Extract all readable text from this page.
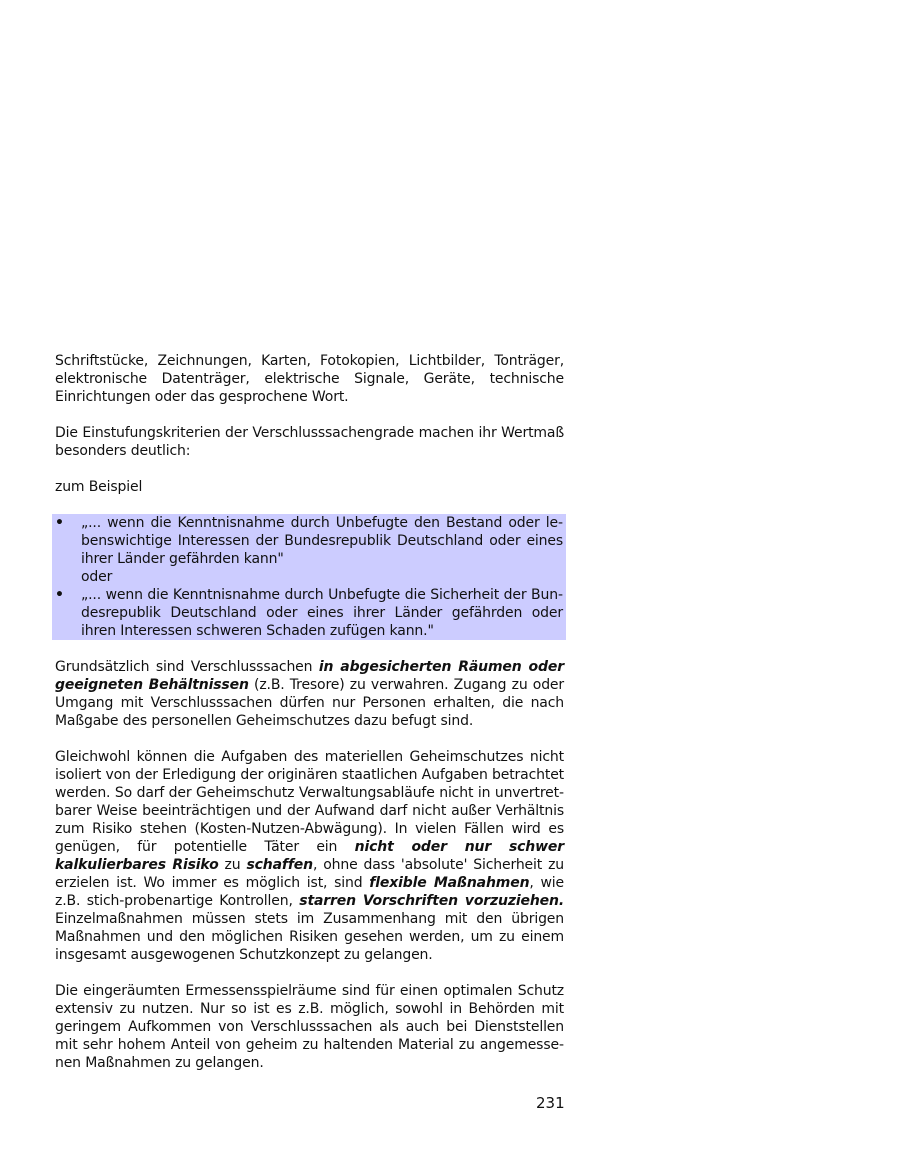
Schriftstücke, Zeichnungen, Karten, Fotokopien, Lichtbilder, Tonträger, elektronische Datenträger, elektrische Signale, Geräte, technische Einrichtungen oder das gesprochene Wort.

Die Einstufungskriterien der Verschlusssachengrade machen ihr Wertmaß besonders deutlich:

zum Beispiel

•	„... wenn die Kenntnisnahme durch Unbefugte den Bestand oder lebenswichtige Interessen der Bundesrepublik Deutschland oder eines ihrer Länder gefährden kann"
oder
•	„... wenn die Kenntnisnahme durch Unbefugte die Sicherheit der Bundesrepublik Deutschland oder eines ihrer Länder gefährden oder ihren Interessen schweren Schaden zufügen kann."

Grundsätzlich sind Verschlusssachen in abgesicherten Räumen oder geeigneten Behältnissen (z.B. Tresore) zu verwahren. Zugang zu oder Umgang mit Verschlusssachen dürfen nur Personen erhalten, die nach Maßgabe des personellen Geheimschutzes dazu befugt sind.

Gleichwohl können die Aufgaben des materiellen Geheimschutzes nicht isoliert von der Erledigung der originären staatlichen Aufgaben betrachtet werden. So darf der Geheimschutz Verwaltungsabläufe nicht in unvertretbarer Weise beeinträchtigen und der Aufwand darf nicht außer Verhältnis zum Risiko stehen (Kosten-Nutzen-Abwägung). In vielen Fällen wird es genügen, für potentielle Täter ein nicht oder nur schwer kalkulierbares Risiko zu schaffen, ohne dass 'absolute' Sicherheit zu erzielen ist. Wo immer es möglich ist, sind flexible Maßnahmen, wie z.B. stich-probenartige Kontrollen, starren Vorschriften vorzuziehen. Einzelmaßnahmen müssen stets im Zusammenhang mit den übrigen Maßnahmen und den möglichen Risiken gesehen werden, um zu einem insgesamt ausgewogenen Schutzkonzept zu gelangen.

Die eingeräumten Ermessensspielräume sind für einen optimalen Schutz extensiv zu nutzen. Nur so ist es z.B. möglich, sowohl in Behörden mit geringem Aufkommen von Verschlusssachen als auch bei Dienststellen mit sehr hohem Anteil von geheim zu haltenden Material zu angemessenen Maßnahmen zu gelangen.

231
